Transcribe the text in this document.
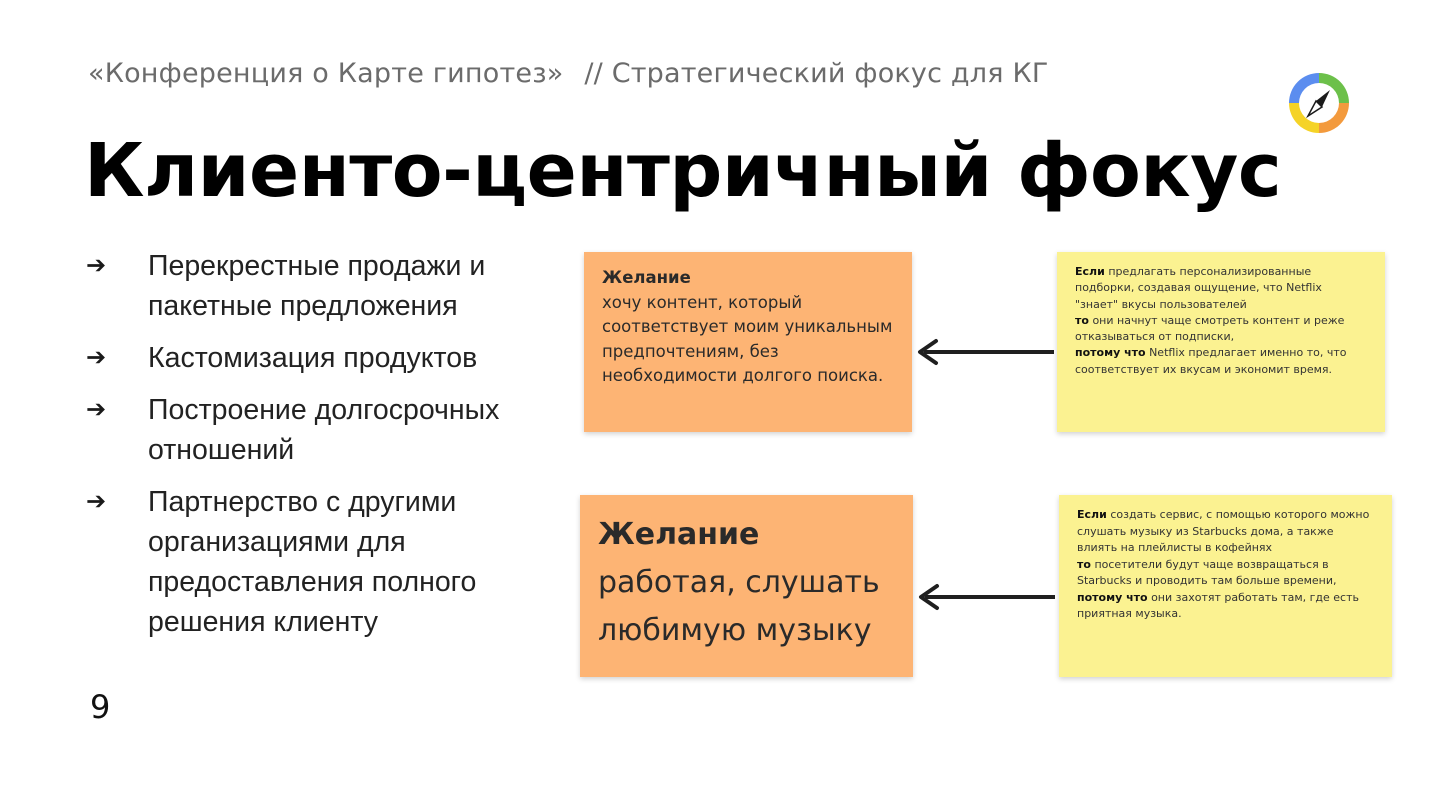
«Конференция о Карте гипотез» // Стратегический фокус для КГ
Клиенто-центричный фокус
➔ Перекрестные продажи и пакетные предложения
➔ Кастомизация продуктов
➔ Построение долгосрочных отношений
➔ Партнерство с другими организациями для предоставления полного решения клиенту
Желание
хочу контент, который соответствует моим уникальным предпочтениям, без необходимости долгого поиска.
Если предлагать персонализированные подборки, создавая ощущение, что Netflix "знает" вкусы пользователей
то они начнут чаще смотреть контент и реже отказываться от подписки,
потому что Netflix предлагает именно то, что соответствует их вкусам и экономит время.
Желание
работая, слушать любимую музыку
Если создать сервис, с помощью которого можно слушать музыку из Starbucks дома, а также влиять на плейлисты в кофейнях
то посетители будут чаще возвращаться в Starbucks и проводить там больше времени,
потому что они захотят работать там, где есть приятная музыка.
9
